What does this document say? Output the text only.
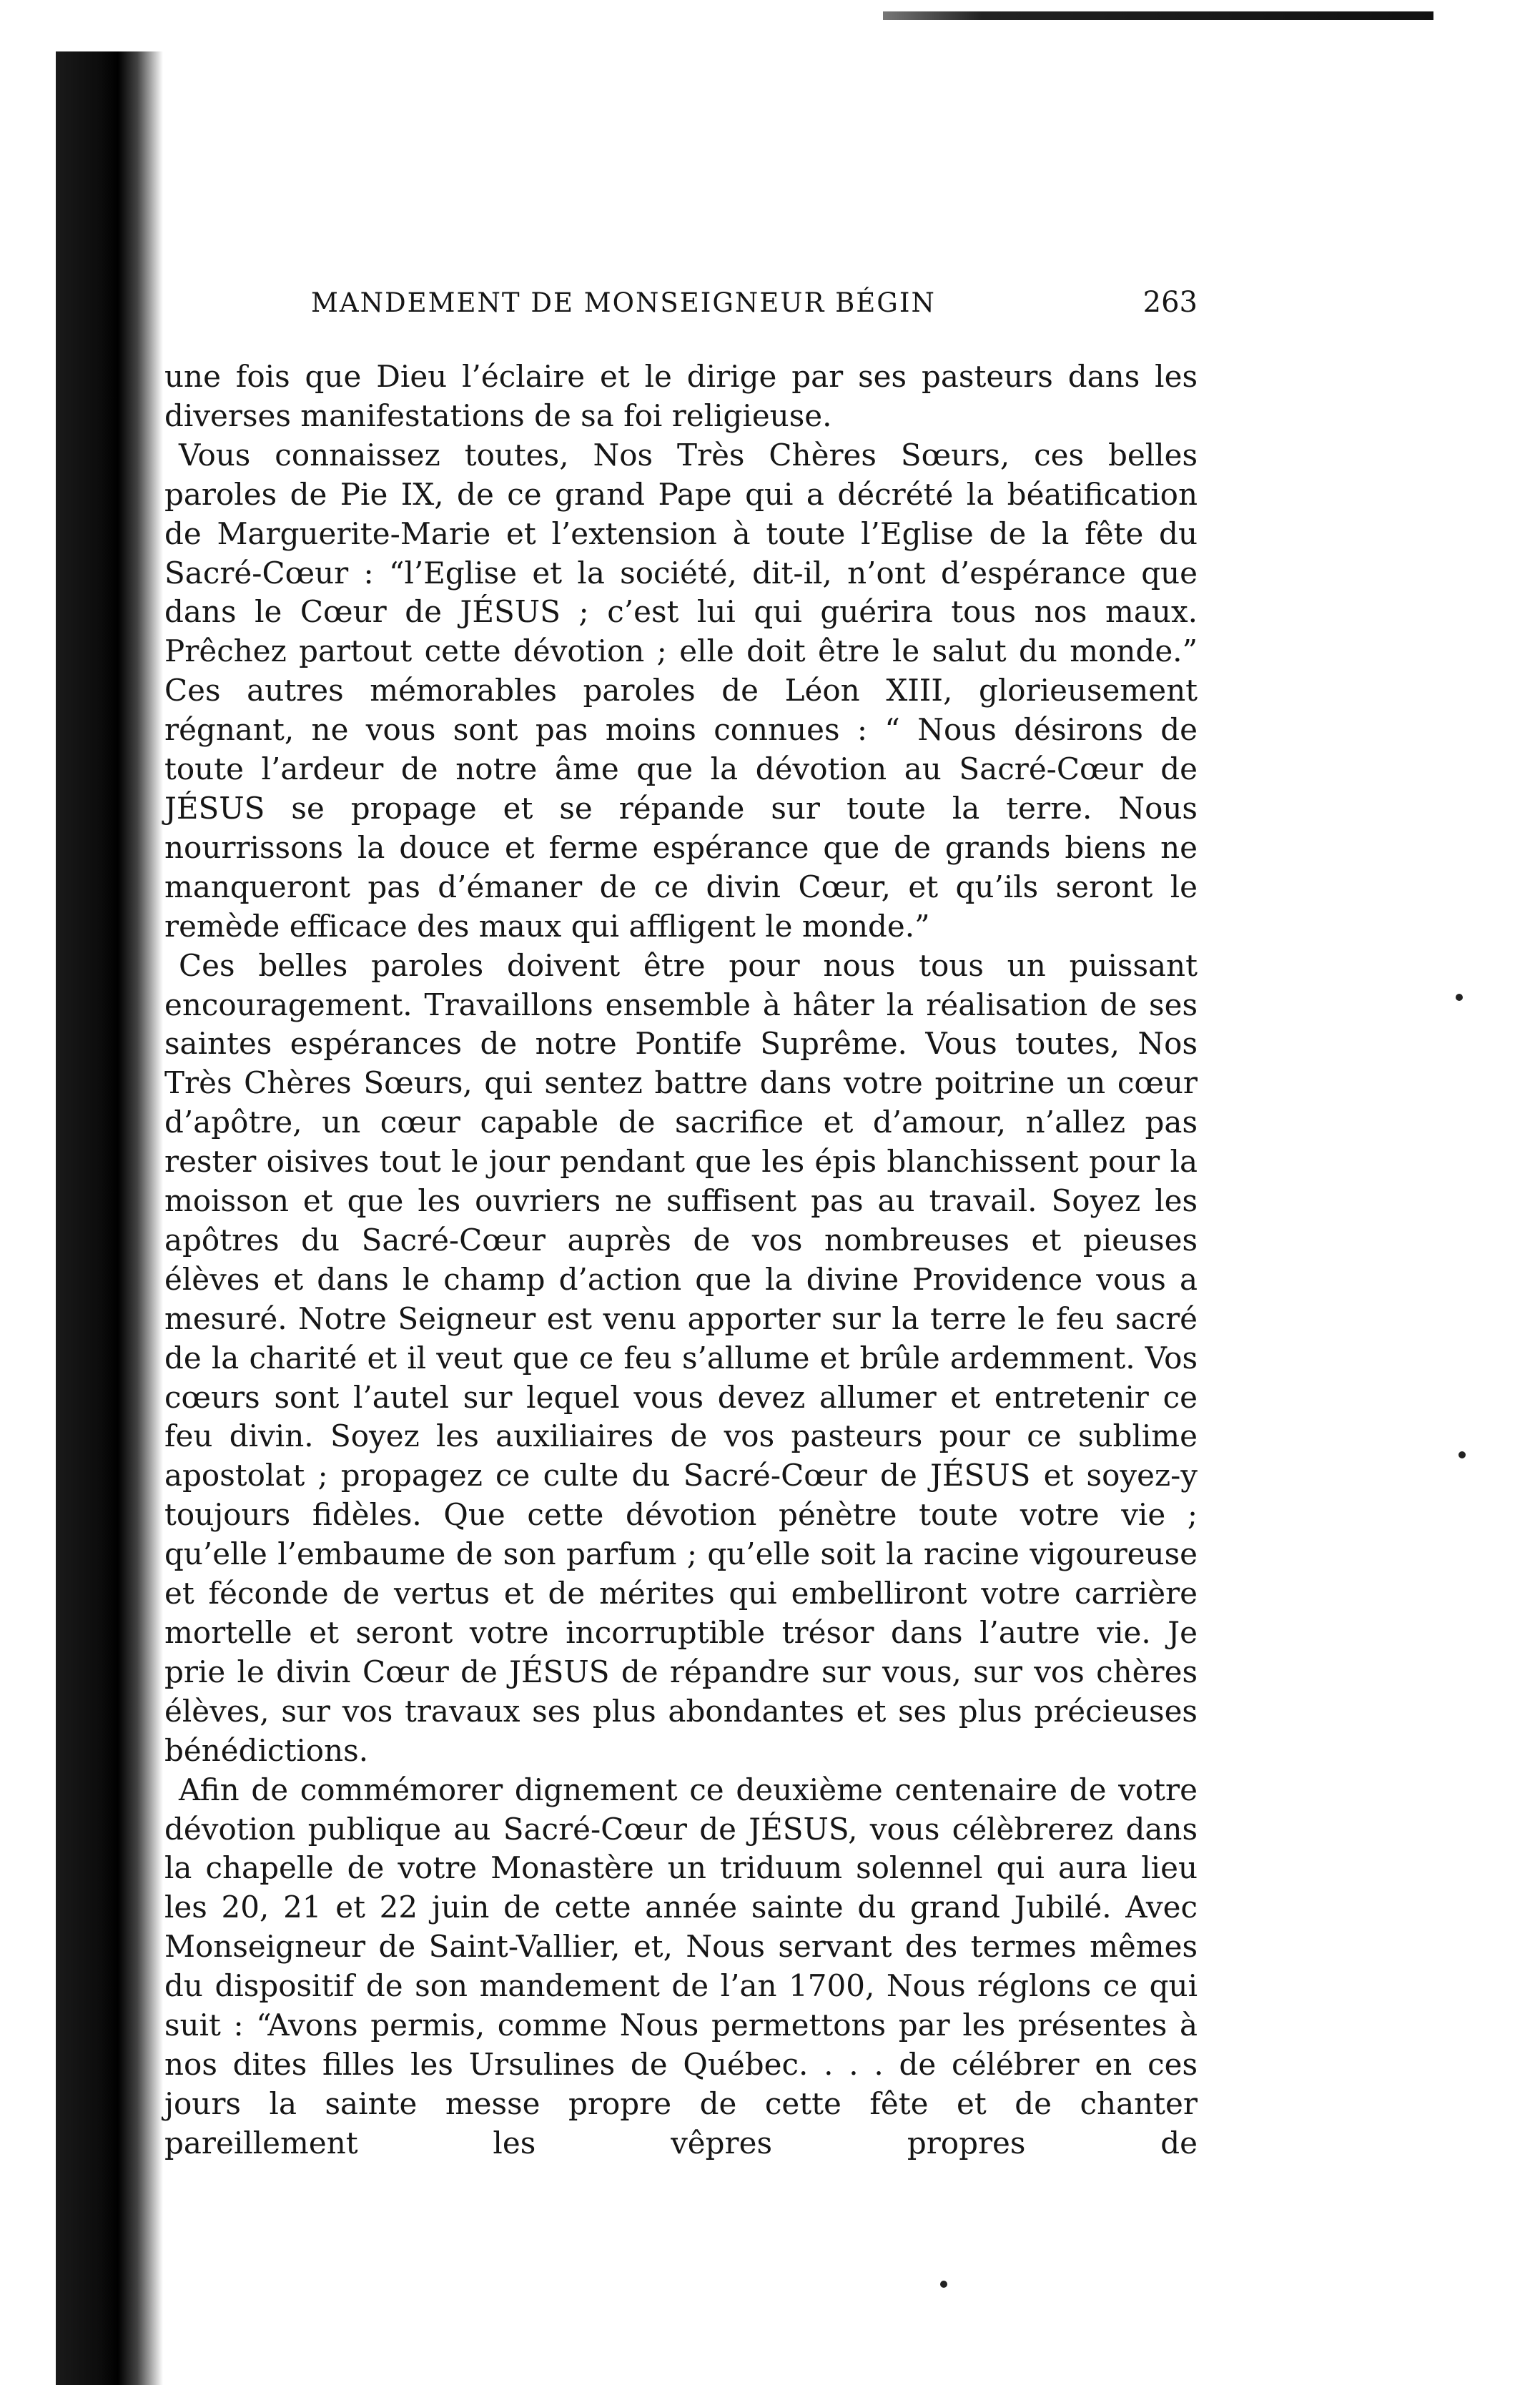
MANDEMENT DE MONSEIGNEUR BÉGIN	263

une fois que Dieu l’éclaire et le dirige par ses pasteurs dans les diverses manifestations de sa foi religieuse.

Vous connaissez toutes, Nos Très Chères Sœurs, ces belles paroles de Pie IX, de ce grand Pape qui a décrété la béatification de Marguerite-Marie et l’extension à toute l’Eglise de la fête du Sacré-Cœur : “l’Eglise et la société, dit-il, n’ont d’espérance que dans le Cœur de JÉSUS ; c’est lui qui guérira tous nos maux. Prêchez partout cette dévotion ; elle doit être le salut du monde.” Ces autres mémorables paroles de Léon XIII, glorieusement régnant, ne vous sont pas moins connues : “ Nous désirons de toute l’ardeur de notre âme que la dévotion au Sacré-Cœur de JÉSUS se propage et se répande sur toute la terre. Nous nourrissons la douce et ferme espérance que de grands biens ne manqueront pas d’émaner de ce divin Cœur, et qu’ils seront le remède efficace des maux qui affligent le monde.”

Ces belles paroles doivent être pour nous tous un puissant encouragement. Travaillons ensemble à hâter la réalisation de ses saintes espérances de notre Pontife Suprême. Vous toutes, Nos Très Chères Sœurs, qui sentez battre dans votre poitrine un cœur d’apôtre, un cœur capable de sacrifice et d’amour, n’allez pas rester oisives tout le jour pendant que les épis blanchissent pour la moisson et que les ouvriers ne suffisent pas au travail. Soyez les apôtres du Sacré-Cœur auprès de vos nombreuses et pieuses élèves et dans le champ d’action que la divine Providence vous a mesuré. Notre Seigneur est venu apporter sur la terre le feu sacré de la charité et il veut que ce feu s’allume et brûle ardemment. Vos cœurs sont l’autel sur lequel vous devez allumer et entretenir ce feu divin. Soyez les auxiliaires de vos pasteurs pour ce sublime apostolat ; propagez ce culte du Sacré-Cœur de JÉSUS et soyez-y toujours fidèles. Que cette dévotion pénètre toute votre vie ; qu’elle l’embaume de son parfum ; qu’elle soit la racine vigoureuse et féconde de vertus et de mérites qui embelliront votre carrière mortelle et seront votre incorruptible trésor dans l’autre vie. Je prie le divin Cœur de JÉSUS de répandre sur vous, sur vos chères élèves, sur vos travaux ses plus abondantes et ses plus précieuses bénédictions.

Afin de commémorer dignement ce deuxième centenaire de votre dévotion publique au Sacré-Cœur de JÉSUS, vous célèbrerez dans la chapelle de votre Monastère un triduum solennel qui aura lieu les 20, 21 et 22 juin de cette année sainte du grand Jubilé. Avec Monseigneur de Saint-Vallier, et, Nous servant des termes mêmes du dispositif de son mandement de l’an 1700, Nous réglons ce qui suit : “Avons permis, comme Nous permettons par les présentes à nos dites filles les Ursulines de Québec. . . . de célébrer en ces jours la sainte messe propre de cette fête et de chanter pareillement les vêpres propres de
